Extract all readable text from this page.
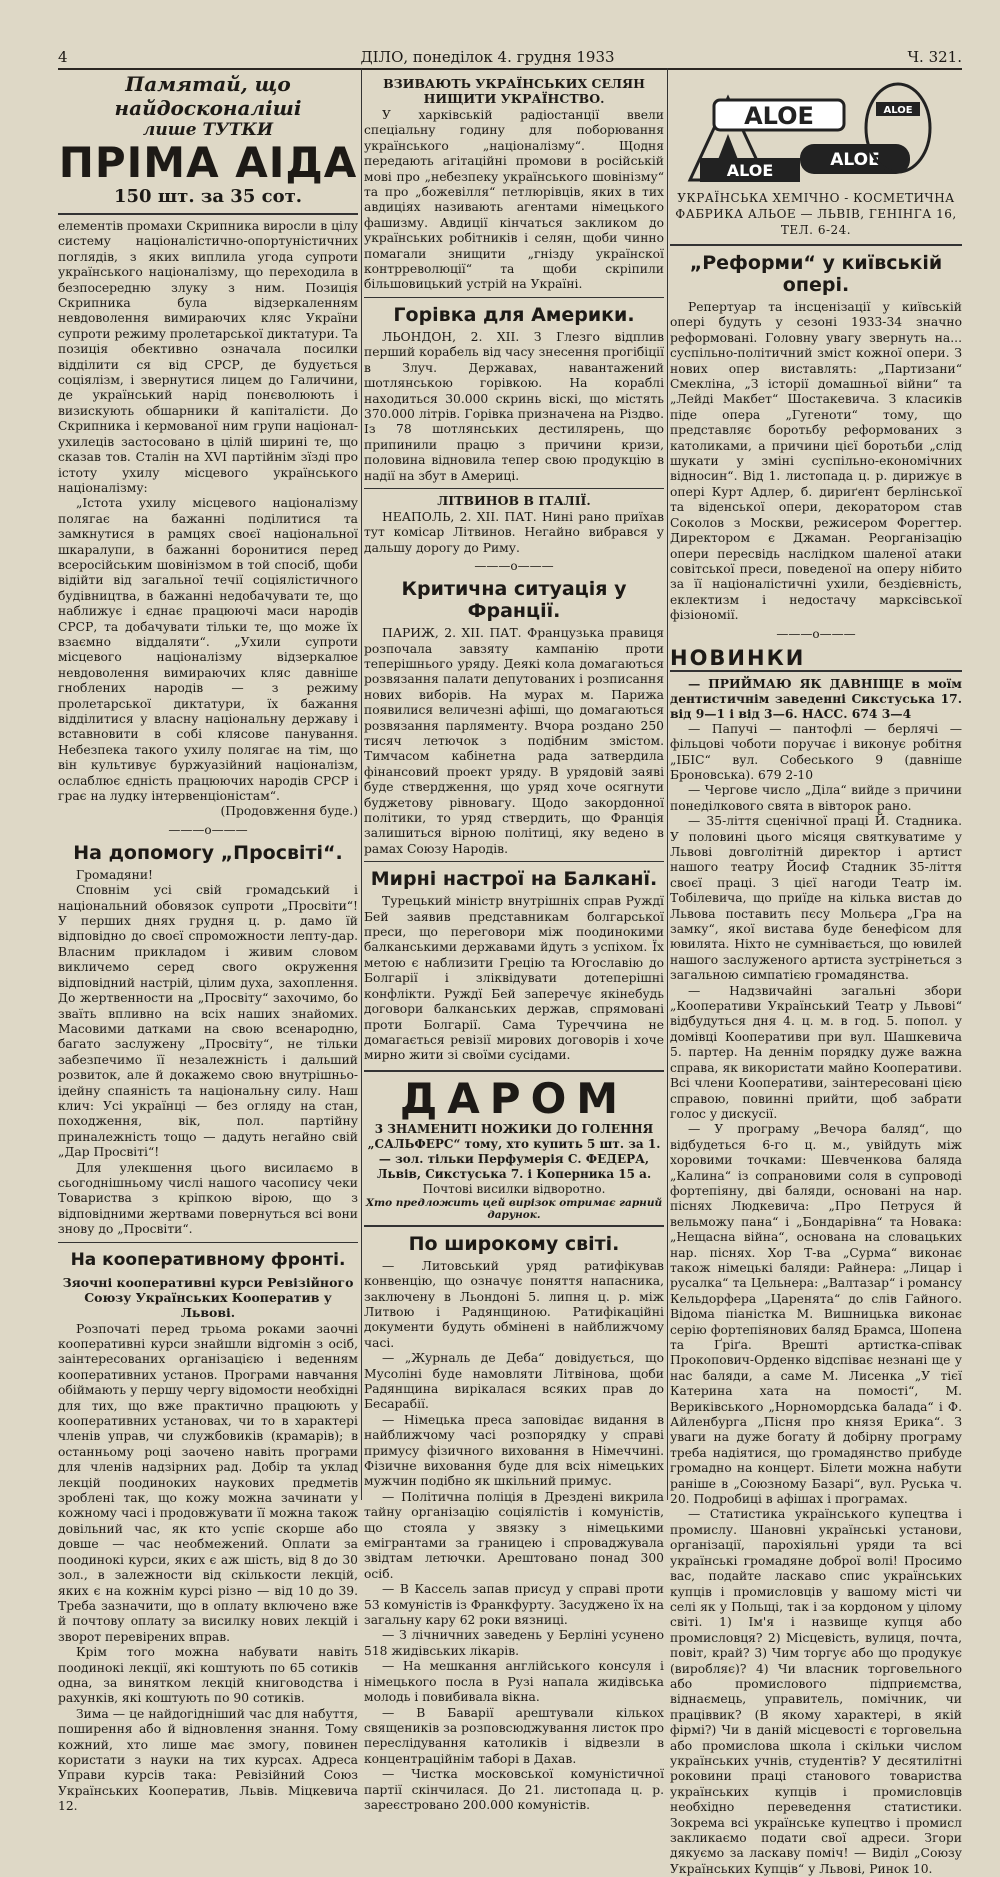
4	ДІЛО, понеділок 4. грудня 1933	Ч. 321.
Памятай, що найдосконаліші
лише ТУТКИ
ПРІМА АІДА
150 шт. за 35 сот.

елементів промахи Скрипника виросли в цілу систему націоналістично-опортуністичних поглядів, з яких виплила угода супроти українського націоналізму, що переходила в безпосередню злуку з ним. Позиція Скрипника була відзеркаленням невдоволення вимираючих кляс України супроти режиму пролетарської диктатури. Та позиція обективно означала посилки відділити ся від СРСР, де будується соціялізм, і звернутися лицем до Галичини, де український нарід понєволюють і визискують обшарники й капіталісти. До Скрипника і кермованої ним групи націонал-ухилеців застосовано в цілій ширині те, що сказав тов. Сталін на XVI партійнім зїзді про істоту ухилу місцевого українського націоналізму:

„Істота ухилу місцевого націоналізму полягає на бажанні поділитися та замкнутися в рамцях своєї національної шкаралупи, в бажанні боронитися перед всеросійським шовінізмом в той спосіб, щоби відійти від загальної течії соціялістичного будівництва, в бажанні недобачувати те, що наближує і єднає працюючі маси народів СРСР, та добачувати тільки те, що може їх взаємно віддаляти“. „Ухили супроти місцевого націоналізму відзеркалюе невдоволення вимираючих кляс давніше гноблених народів — з режиму пролетарської диктатури, їх бажання відділитися у власну національну державу і вставновити в собі клясове панування. Небезпека такого ухилу полягає на тім, що він культивує буржуазійний націоналізм, ослаблює єдність працюючих народів СРСР і грає на лудку інтервенціоністам“.

(Продовження буде.)

———o———
На допомогу „Просвіті“.

Громадяни!

Сповнім усі свій громадський і національний обовязок супроти „Просвіти“! У перших днях грудня ц. р. дамо їй відповідно до своєї спроможности лепту-дар. Власним прикладом і живим словом викличемо серед свого окруження відповідний настрій, цілим духа, захоплення. До жертвенности на „Просвіту“ захочимо, бо зваїть впливно на всіх наших знайомих. Масовими датками на свою всенародню, багато заслужену „Просвіту“, не тільки забезпечимо її незалежність і дальший розвиток, але й докажемо свою внутрішньо-ідейну спаяність та національну силу. Наш клич: Усі українці — без огляду на стан, походження, вік, пол. партійну приналежність тощо — дадуть негайно свій „Дар Просвіті“!

Для улекшення цього висилаємо в сьогоднішньому числі нашого часопису чеки Товариства з кріпкою вірою, що з відповідними жертвами повернуться всі вони знову до „Просвіти“.

На кооперативному фронті.
Зяочні кооперативні курси Ревізійного Союзу Українських Кооператив у Львові.

Розпочаті перед трьома роками заочні кооперативні курси знайшли відгомін з осіб, заінтересованих організацією і веденням кооперативних установ. Програми навчання обіймають у першу чергу відомости необхідні для тих, що вже практично працюють у кооперативних установах, чи то в характері членів управ, чи службовиків (крамарів); в останньому році заочено навіть програми для членів надзірних рад. Добір та уклад лекцій поодиноких наукових предметів зроблені так, що кожу можна зачинати у кожному часі і продовжувати її можна також довільний час, як кто успіє скорше або довше — час необмежений. Оплати за поодинокі курси, яких є аж шість, від 8 до 30 зол., в залежности від скількости лекцій, яких є на кожнім курсі різно — від 10 до 39. Треба зазначити, що в оплату включено вже й почтову оплату за висилку нових лекцій і зворот перевірених вправ.

Крім того можна набувати навіть поодинокі лекції, які коштують по 65 сотиків одна, за винятком лекцій книговодства і рахунків, які коштують по 90 сотиків.

Зима — це найдогідніший час для набуття, поширення або й відновлення знання. Тому кожний, хто лише має змогу, повинен користати з науки на тих курсах. Адреса Управи курсів така: Ревізійний Союз Українських Кооператив, Львів. Міцкевича 12.

ВЗИВАЮТЬ УКРАЇНСЬКИХ СЕЛЯН НИЩИТИ УКРАЇНСТВО.

У харківській радіостанції ввели спеціальну годину для поборювання українського „націоналізму“. Щодня передають агітаційні промови в російській мові про „небезпеку українського шовінізму“ та про „божевілля“ петлюрівців, яких в тих авдиціях називають агентами німецького фашизму. Авдиції кінчаться закликом до українських робітників і селян, щоби чинно помагали знищити „гнізду українскої контрреволюції“ та щоби скріпили більшовицький устрій на Україні.

Горівка для Америки.

ЛЬОНДОН, 2. XII. З Глезго відплив перший корабель від часу знесення прогібіції в Злуч. Державах, навантажений шотлянською горівкою. На кораблі находиться 30.000 скринь віскі, що містять 370.000 літрів. Горівка призначена на Різдво. Із 78 шотлянських дестилярень, що припинили працю з причини кризи, половина відновила тепер свою продукцію в надії на збут в Америці.

ЛІТВИНОВ В ІТАЛІЇ.

НЕАПОЛЬ, 2. XII. ПАТ. Нині рано приїхав тут комісар Літвинов. Негайно вибрався у дальшу дорогу до Риму.

———o———
Критична ситуація у Франції.

ПАРИЖ, 2. XII. ПАТ. Французька правиця розпочала завзяту кампанію проти теперішнього уряду. Деякі кола домагаються розвязання палати депутованих і розписання нових виборів. На мурах м. Парижа появилися величезні афіші, що домагаються розвязання парляменту. Вчора роздано 250 тисяч летючок з подібним змістом. Тимчасом кабінетна рада затвердила фінансовий проект уряду. В урядовій заяві буде ствердження, що уряд хоче осягнути буджетову рівновагу. Щодо закордонної політики, то уряд ствердить, що Франція залишиться вірною політиці, яку ведено в рамах Союзу Народів.

Мирні настрої на Балканї.

Турецький міністр внутрішніх справ Руждї Бей заявив представникам болгарської преси, що переговори між поодинокими балканськими державами йдуть з успіхом. Їх метою є наблизити Грецію та Югославію до Болгарії і зліквідувати дотеперішні конфлікти. Руждї Бей заперечує якінебудь договори балканських держав, спрямовані проти Болгарії. Сама Туреччина не домагається ревізії мирових договорів і хоче мирно жити зі своїми сусідами.

ДАРОМ
3 ЗНАМЕНИТІ НОЖИКИ ДО ГОЛЕННЯ „САЛЬФЕРС“ тому, хто купить 5 шт. за 1.— зол. тільки Перфумерія С. ФЕДЕРА, Львів, Сикстуська 7. і Коперника 15 а.
Почтові висилки відворотно.
Хто предложить цей вирізок отримає гарний дарунок.
По широкому світі.

— Литовський уряд ратифікував конвенцію, що означує поняття напасника, заключену в Льондоні 5. липня ц. р. між Литвою і Радянщиною. Ратифікаційні документи будуть обмінені в найближчому часі.

— „Журналь де Деба“ довідується, що Мусоліні буде намовляти Літвінова, щоби Радянщина вирікалася всяких прав до Бесарабії.

— Німецька преса заповідає видання в найближчому часі розпорядку у справі примусу фізичного виховання в Німеччині. Фізичне виховання буде для всіх німецьких мужчин подібно як шкільний примус.

— Політична поліція в Дрездені викрила тайну організацію соціялістів і комуністів, що стояла у звязку з німецькими емігрантами за границею і спроваджувала звідтам летючки. Арештовано понад 300 осіб.

— В Кассель запав присуд у справі проти 53 комуністів із Франкфурту. Засуджено їх на загальну кару 62 роки вязниці.

— З лічничних заведень у Берліні усунено 518 жидівських лікарів.

— На мешкання англійського консуля і німецького посла в Рузі напала жидівська молодь і повибивала вікна.

— В Баварії арештували кількох священиків за розповсюджування листок про переслідування католиків і відвезли в концентраційнім таборі в Дахав.

— Чистка московської комуністичної партії скінчилася. До 21. листопада ц. р. зареєстровано 200.000 комуністів.

ALOE
ALOE
ALOE
ALOE
УКРАЇНСЬКА ХЕМІЧНО - КОСМЕТИЧНА ФАБРИКА АЛЬОЕ — ЛЬВІВ, ГЕНІНГА 16, ТЕЛ. 6-24.
„Реформи“ у київській опері.

Репертуар та інсценізації у київській опері будуть у сезоні 1933-34 значно реформовані. Головну увагу звернуть на... суспільно-політичний зміст кожної опери. З нових опер виставлять: „Партизани“ Смекліна, „З історії домашньої війни“ та „Лейді Макбет“ Шостакевича. З класиків піде опера „Гугеноти“ тому, що представляє боротьбу реформованих з католиками, а причини цієї боротьби „слід шукати у зміні суспільно-економічних відносин“. Від 1. листопада ц. р. дирижує в опері Курт Адлер, б. дириґент берлінської та віденської опери, декоратором став Соколов з Москви, режисером Форегтер. Директором є Джаман. Реорганізацію опери пересвідь наслідком шаленої атаки совітської преси, поведеної на оперу нібито за її націоналістичні ухили, бездієвність, еклектизм і недостачу марксівської фізіономії.

———o———
НОВИНКИ

— ПРИЙМАЮ ЯК ДАВНІЩЕ в моїм дентистичнім заведенні Сикстуська 17. від 9—1 і від 3—6. НАСС. 674 3—4

— Папучі — пантофлі — берлячі — фільцові чоботи поручає і виконує робітня „ІБІС“ вул. Собеського 9 (давніше Броновська). 679 2-10

— Чергове число „Діла“ вийде з причини понеділкового свята в вівторок рано.

— 35-ліття сценічної праці Й. Стадника. У половині цього місяця святкуватиме у Львові довголітній директор і артист нашого театру Йосиф Стадник 35-ліття своєї праці. З цієї нагоди Театр ім. Тобілевича, що приїде на кілька вистав до Львова поставить пєсу Мольєра „Гра на замку“, якої вистава буде бенефісом для ювилята. Ніхто не сумнівається, що ювилей нашого заслуженого артиста зустрінеться з загальною симпатією громадянства.

— Надзвичайні загальні збори „Кооперативи Український Театр у Львові“ відбудуться дня 4. ц. м. в год. 5. попол. у домівці Кооперативи при вул. Шашкевича 5. партер. На деннім порядку дуже важна справа, як використати майно Кооперативи. Всі члени Кооперативи, заінтересовані цією справою, повинні прийти, щоб забрати голос у дискусії.

— У програму „Вечора баляд“, що відбудеться 6-го ц. м., увійдуть між хоровими точками: Шевченкова баляда „Калина“ із сопрановими соля в супроводі фортепіяну, дві баляди, основані на нар. піснях Людкевича: „Про Петруся й вельможу пана“ і „Бондарівна“ та Новака: „Нещасна війна“, основана на словацьких нар. піснях. Хор Т-ва „Сурма“ виконає також німецькі баляди: Райнера: „Лицар і русалка“ та Цельнера: „Валтазар“ і романсу Кельдорфера „Царенята“ до слів Гайного. Відома піаністка М. Вишницька виконає серію фортепіянових баляд Брамса, Шопена та Ґріґа. Врешті артистка-співак Прокопович-Орденко відспіває незнані ще у нас баляди, а саме М. Лисенка „У тієї Катерина хата на помості“, М. Вериківського „Норномордська балада“ і Ф. Айленбурга „Пісня про князя Ерика“. З уваги на дуже богату й добірну програму треба надіятися, що громадянство прибуде громадно на концерт. Білети можна набути раніше в „Союзному Базарі“, вул. Руська ч. 20. Подробиці в афішах і програмах.

— Статистика українського купецтва і промислу. Шановні українські установи, організації, парохіяльні уряди та всі українські громадяне доброї волі! Просимо вас, подайте ласкаво спис українських купців і промисловців у вашому місті чи селі як у Польщі, так і за кордоном у цілому світі. 1) Ім'я і назвище купця або промисловця? 2) Місцевість, вулиця, почта, повіт, край? 3) Чим торгує або що продукує (виробляє)? 4) Чи власник торговельного або промислового підприємства, віднаємець, управитель, помічник, чи праціввик? (В якому характері, в якій фірмі?) Чи в даній місцевості є торговельна або промислова школа і скільки числом українських учнів, студентів? У десятилітні роковини праці станового товариства українських купців і промисловців необхідно переведення статистики. Зокрема всі українське купецтво і промисл закликаємо подати свої адреси. Згори дякуємо за ласкаву поміч! — Виділ „Союзу Українських Купців“ у Львові, Ринок 10.
